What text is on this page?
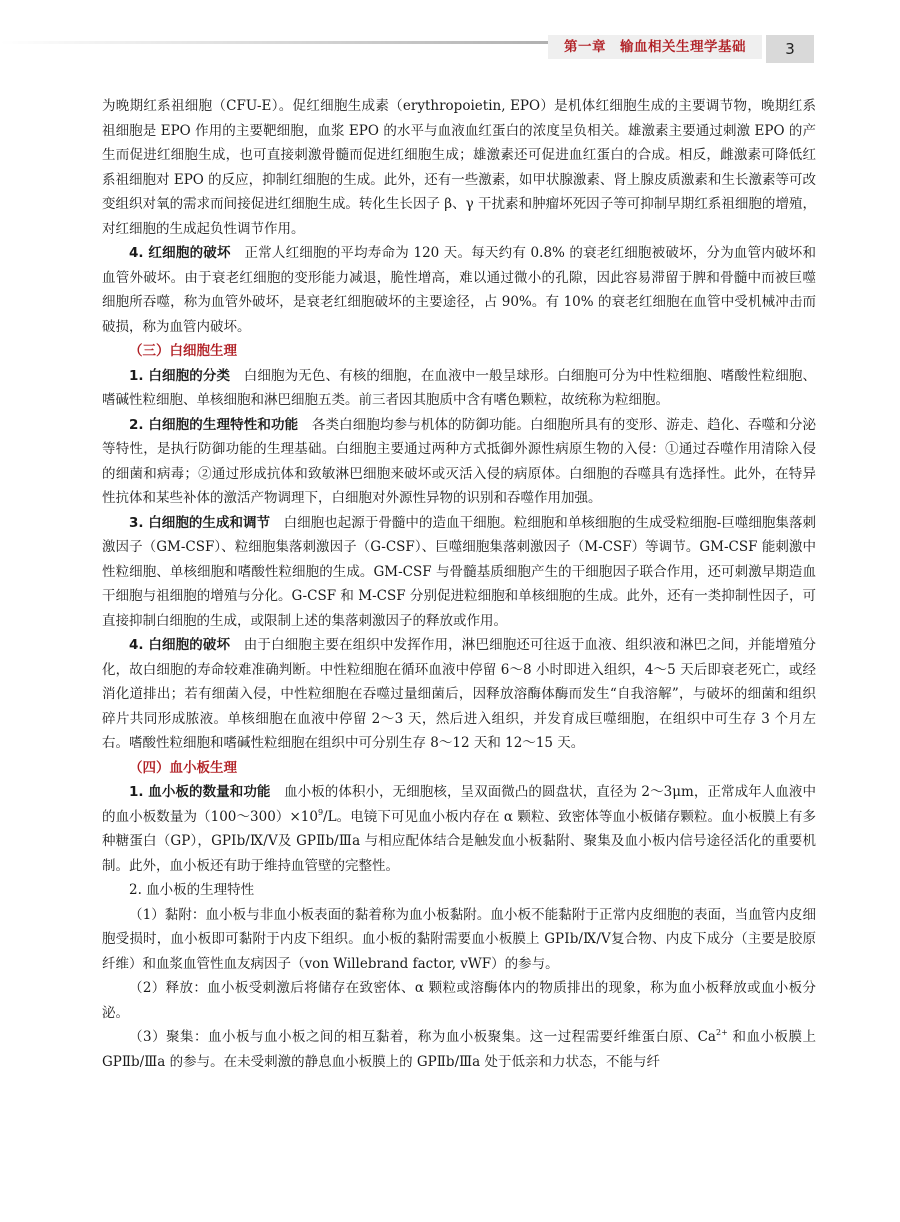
第一章　输血相关生理学基础	3

为晚期红系祖细胞（CFU-E）。促红细胞生成素（erythropoietin, EPO）是机体红细胞生成的主要调节物，晚期红系祖细胞是 EPO 作用的主要靶细胞，血浆 EPO 的水平与血液血红蛋白的浓度呈负相关。雄激素主要通过刺激 EPO 的产生而促进红细胞生成，也可直接刺激骨髓而促进红细胞生成；雄激素还可促进血红蛋白的合成。相反，雌激素可降低红系祖细胞对 EPO 的反应，抑制红细胞的生成。此外，还有一些激素，如甲状腺激素、肾上腺皮质激素和生长激素等可改变组织对氧的需求而间接促进红细胞生成。转化生长因子 β、γ 干扰素和肿瘤坏死因子等可抑制早期红系祖细胞的增殖，对红细胞的生成起负性调节作用。

4. 红细胞的破坏　 正常人红细胞的平均寿命为 120 天。每天约有 0.8% 的衰老红细胞被破坏，分为血管内破坏和血管外破坏。由于衰老红细胞的变形能力减退，脆性增高，难以通过微小的孔隙，因此容易滞留于脾和骨髓中而被巨噬细胞所吞噬，称为血管外破坏，是衰老红细胞破坏的主要途径，占 90%。有 10% 的衰老红细胞在血管中受机械冲击而破损，称为血管内破坏。

（三）白细胞生理

1. 白细胞的分类　 白细胞为无色、有核的细胞，在血液中一般呈球形。白细胞可分为中性粒细胞、嗜酸性粒细胞、嗜碱性粒细胞、单核细胞和淋巴细胞五类。前三者因其胞质中含有嗜色颗粒，故统称为粒细胞。

2. 白细胞的生理特性和功能　 各类白细胞均参与机体的防御功能。白细胞所具有的变形、游走、趋化、吞噬和分泌等特性，是执行防御功能的生理基础。白细胞主要通过两种方式抵御外源性病原生物的入侵：①通过吞噬作用清除入侵的细菌和病毒；②通过形成抗体和致敏淋巴细胞来破坏或灭活入侵的病原体。白细胞的吞噬具有选择性。此外，在特异性抗体和某些补体的激活产物调理下，白细胞对外源性异物的识别和吞噬作用加强。

3. 白细胞的生成和调节　 白细胞也起源于骨髓中的造血干细胞。粒细胞和单核细胞的生成受粒细胞-巨噬细胞集落刺激因子（GM-CSF）、粒细胞集落刺激因子（G-CSF）、巨噬细胞集落刺激因子（M-CSF）等调节。GM-CSF 能刺激中性粒细胞、单核细胞和嗜酸性粒细胞的生成。GM-CSF 与骨髓基质细胞产生的干细胞因子联合作用，还可刺激早期造血干细胞与祖细胞的增殖与分化。G-CSF 和 M-CSF 分别促进粒细胞和单核细胞的生成。此外，还有一类抑制性因子，可直接抑制白细胞的生成，或限制上述的集落刺激因子的释放或作用。

4. 白细胞的破坏　 由于白细胞主要在组织中发挥作用，淋巴细胞还可往返于血液、组织液和淋巴之间，并能增殖分化，故白细胞的寿命较难准确判断。中性粒细胞在循环血液中停留 6～8 小时即进入组织，4～5 天后即衰老死亡，或经消化道排出；若有细菌入侵，中性粒细胞在吞噬过量细菌后，因释放溶酶体酶而发生“自我溶解”，与破坏的细菌和组织碎片共同形成脓液。单核细胞在血液中停留 2～3 天，然后进入组织，并发育成巨噬细胞，在组织中可生存 3 个月左右。嗜酸性粒细胞和嗜碱性粒细胞在组织中可分别生存 8～12 天和 12～15 天。

（四）血小板生理

1. 血小板的数量和功能　 血小板的体积小，无细胞核，呈双面微凸的圆盘状，直径为 2～3μm，正常成年人血液中的血小板数量为$(100\sim 300)\times 10^9/L$。电镜下可见血小板内存在 α 颗粒、致密体等血小板储存颗粒。血小板膜上有多种糖蛋白（GP），GPⅠb/Ⅸ/Ⅴ及 GPⅡb/Ⅲa 与相应配体结合是触发血小板黏附、聚集及血小板内信号途径活化的重要机制。此外，血小板还有助于维持血管壁的完整性。

2. 血小板的生理特性

（1）黏附：血小板与非血小板表面的黏着称为血小板黏附。血小板不能黏附于正常内皮细胞的表面，当血管内皮细胞受损时，血小板即可黏附于内皮下组织。血小板的黏附需要血小板膜上 GPⅠb/Ⅸ/Ⅴ复合物、内皮下成分（主要是胶原纤维）和血浆血管性血友病因子（von Willebrand factor, vWF）的参与。

（2）释放：血小板受刺激后将储存在致密体、α 颗粒或溶酶体内的物质排出的现象，称为血小板释放或血小板分泌。

（3）聚集：血小板与血小板之间的相互黏着，称为血小板聚集。这一过程需要纤维蛋白原、$Ca^{2+}$ 和血小板膜上 GPⅡb/Ⅲa 的参与。在未受刺激的静息血小板膜上的 GPⅡb/Ⅲa 处于低亲和力状态，不能与纤
